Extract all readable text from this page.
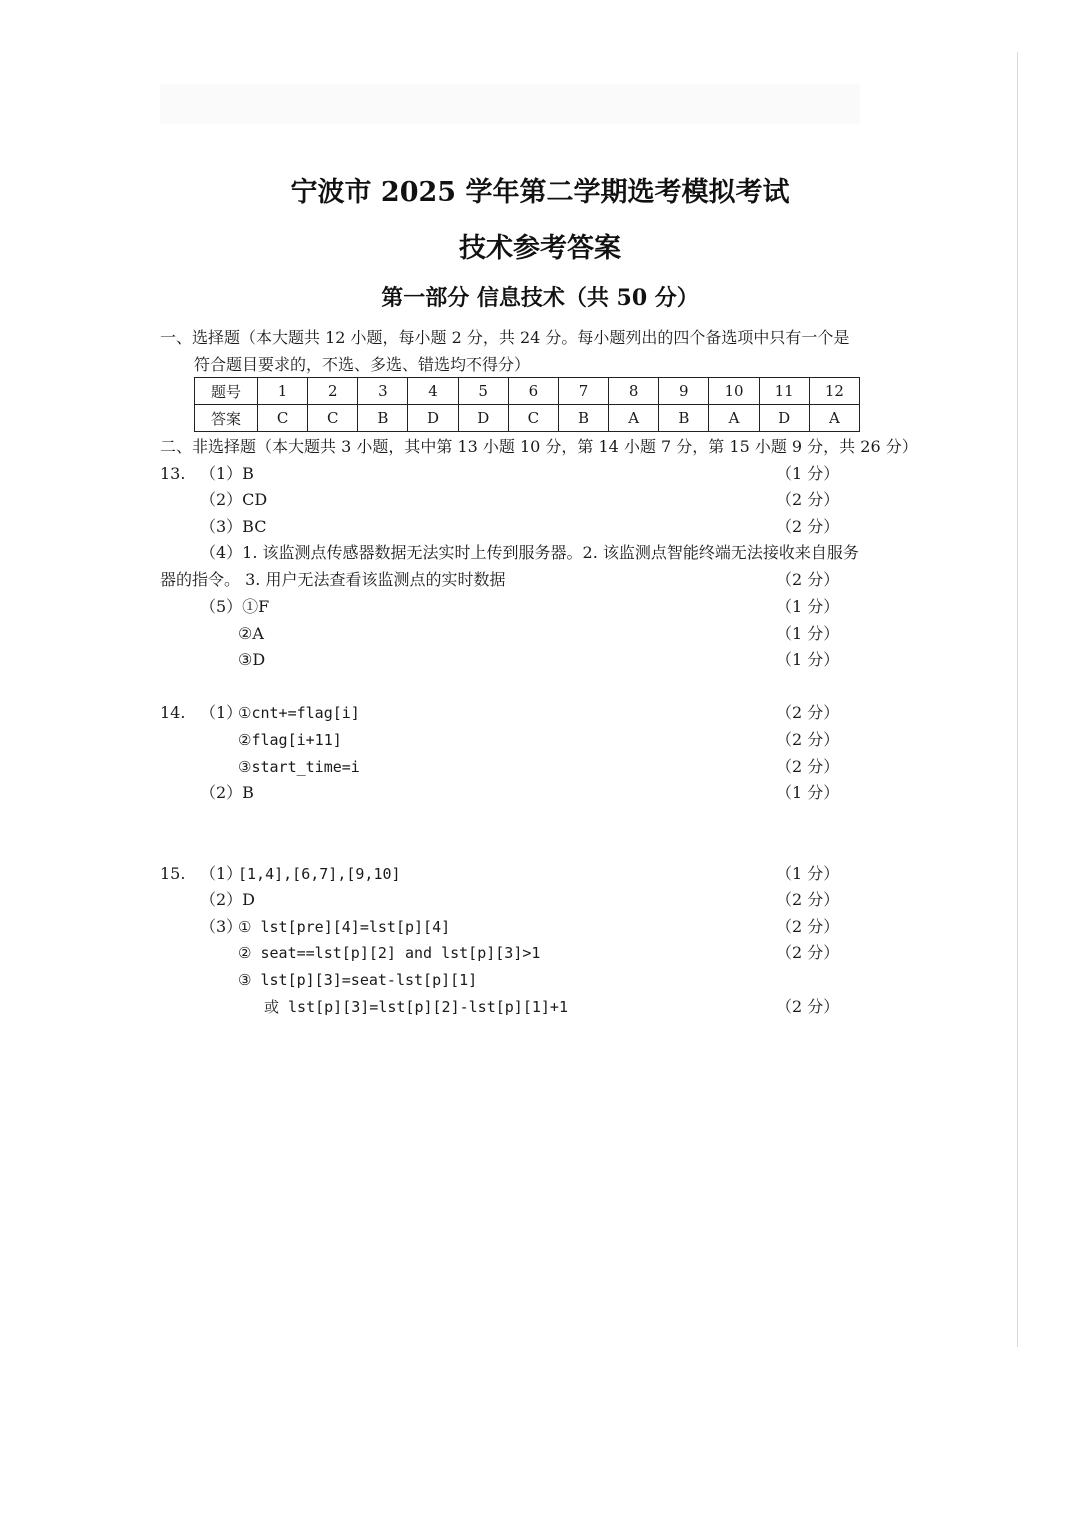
宁波市 2025 学年第二学期选考模拟考试
技术参考答案
第一部分 信息技术（共 50 分）
一、选择题（本大题共 12 小题，每小题 2 分，共 24 分。每小题列出的四个备选项中只有一个是
符合题目要求的，不选、多选、错选均不得分）
题号	1	2	3	4	5	6	7	8	9	10	11	12
答案	C	C	B	D	D	C	B	A	B	A	D	A
二、非选择题（本大题共 3 小题，其中第 13 小题 10 分，第 14 小题 7 分，第 15 小题 9 分，共 26 分）
13. （1）B	（1 分）
（2）CD	（2 分）
（3）BC	（2 分）
（4）1. 该监测点传感器数据无法实时上传到服务器。2. 该监测点智能终端无法接收来自服务
器的指令。 3. 用户无法查看该监测点的实时数据	（2 分）
（5）①F	（1 分）
②A	（1 分）
③D	（1 分）
14. （1）
①cnt+=flag[i]	（2 分）
②flag[i+11]	（2 分）
③start_time=i	（2 分）
（2）B	（1 分）
15. （1）
[1,4],[6,7],[9,10]	（1 分）
（2）D	（2 分）
（3）
① lst[pre][4]=lst[p][4]	（2 分）
② seat==lst[p][2] and lst[p][3]>1	（2 分）
③ lst[p][3]=seat-lst[p][1]
或 lst[p][3]=lst[p][2]-lst[p][1]+1	（2 分）
